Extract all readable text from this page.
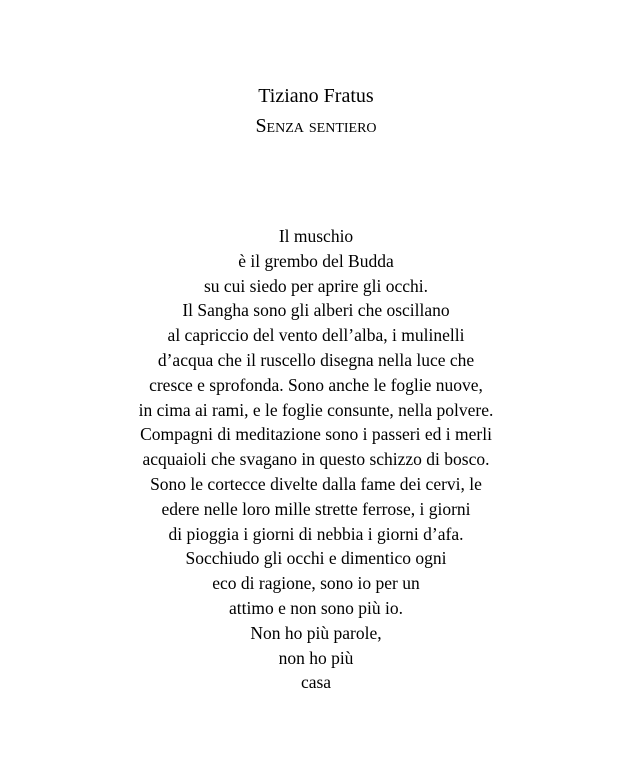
Tiziano Fratus
Senza sentiero
Il muschio
è il grembo del Budda
su cui siedo per aprire gli occhi.
Il Sangha sono gli alberi che oscillano
al capriccio del vento dell’alba, i mulinelli
d’acqua che il ruscello disegna nella luce che
cresce e sprofonda. Sono anche le foglie nuove,
in cima ai rami, e le foglie consunte, nella polvere.
Compagni di meditazione sono i passeri ed i merli
acquaioli che svagano in questo schizzo di bosco.
Sono le cortecce divelte dalla fame dei cervi, le
edere nelle loro mille strette ferrose, i giorni
di pioggia i giorni di nebbia i giorni d’afa.
Socchiudo gli occhi e dimentico ogni
eco di ragione, sono io per un
attimo e non sono più io.
Non ho più parole,
non ho più
casa
